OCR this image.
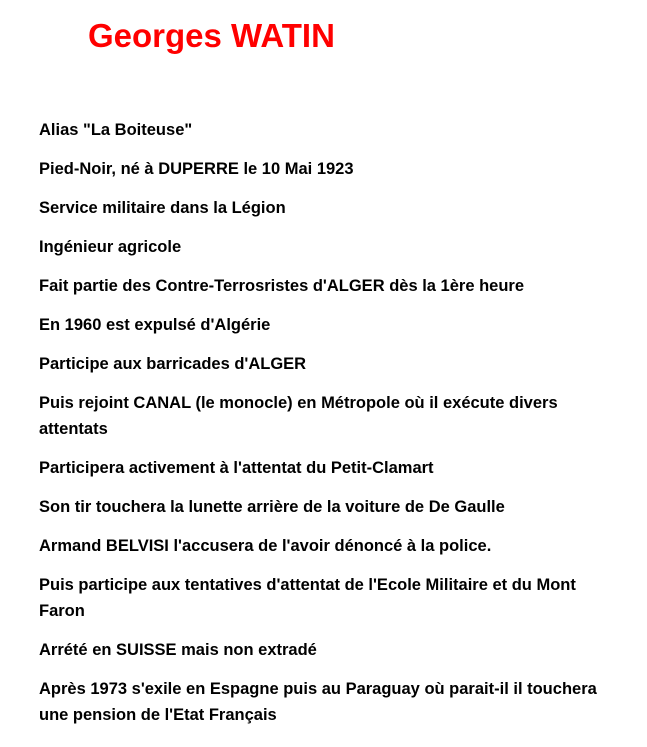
Georges WATIN
Alias "La Boiteuse"
Pied-Noir, né à DUPERRE le 10 Mai 1923
Service militaire dans la Légion
Ingénieur agricole
Fait partie des Contre-Terrosristes d'ALGER dès la 1ère heure
En 1960 est expulsé d'Algérie
Participe aux barricades d'ALGER
Puis rejoint CANAL (le monocle) en Métropole où il exécute divers attentats
Participera activement à l'attentat du Petit-Clamart
Son tir touchera la lunette arrière de la voiture de De Gaulle
Armand BELVISI l'accusera de l'avoir dénoncé à la police.
Puis participe aux tentatives d'attentat de l'Ecole Militaire et du Mont Faron
Arrété en SUISSE mais non extradé
Après 1973 s'exile en Espagne puis au Paraguay où parait-il il touchera une pension de l'Etat Français
